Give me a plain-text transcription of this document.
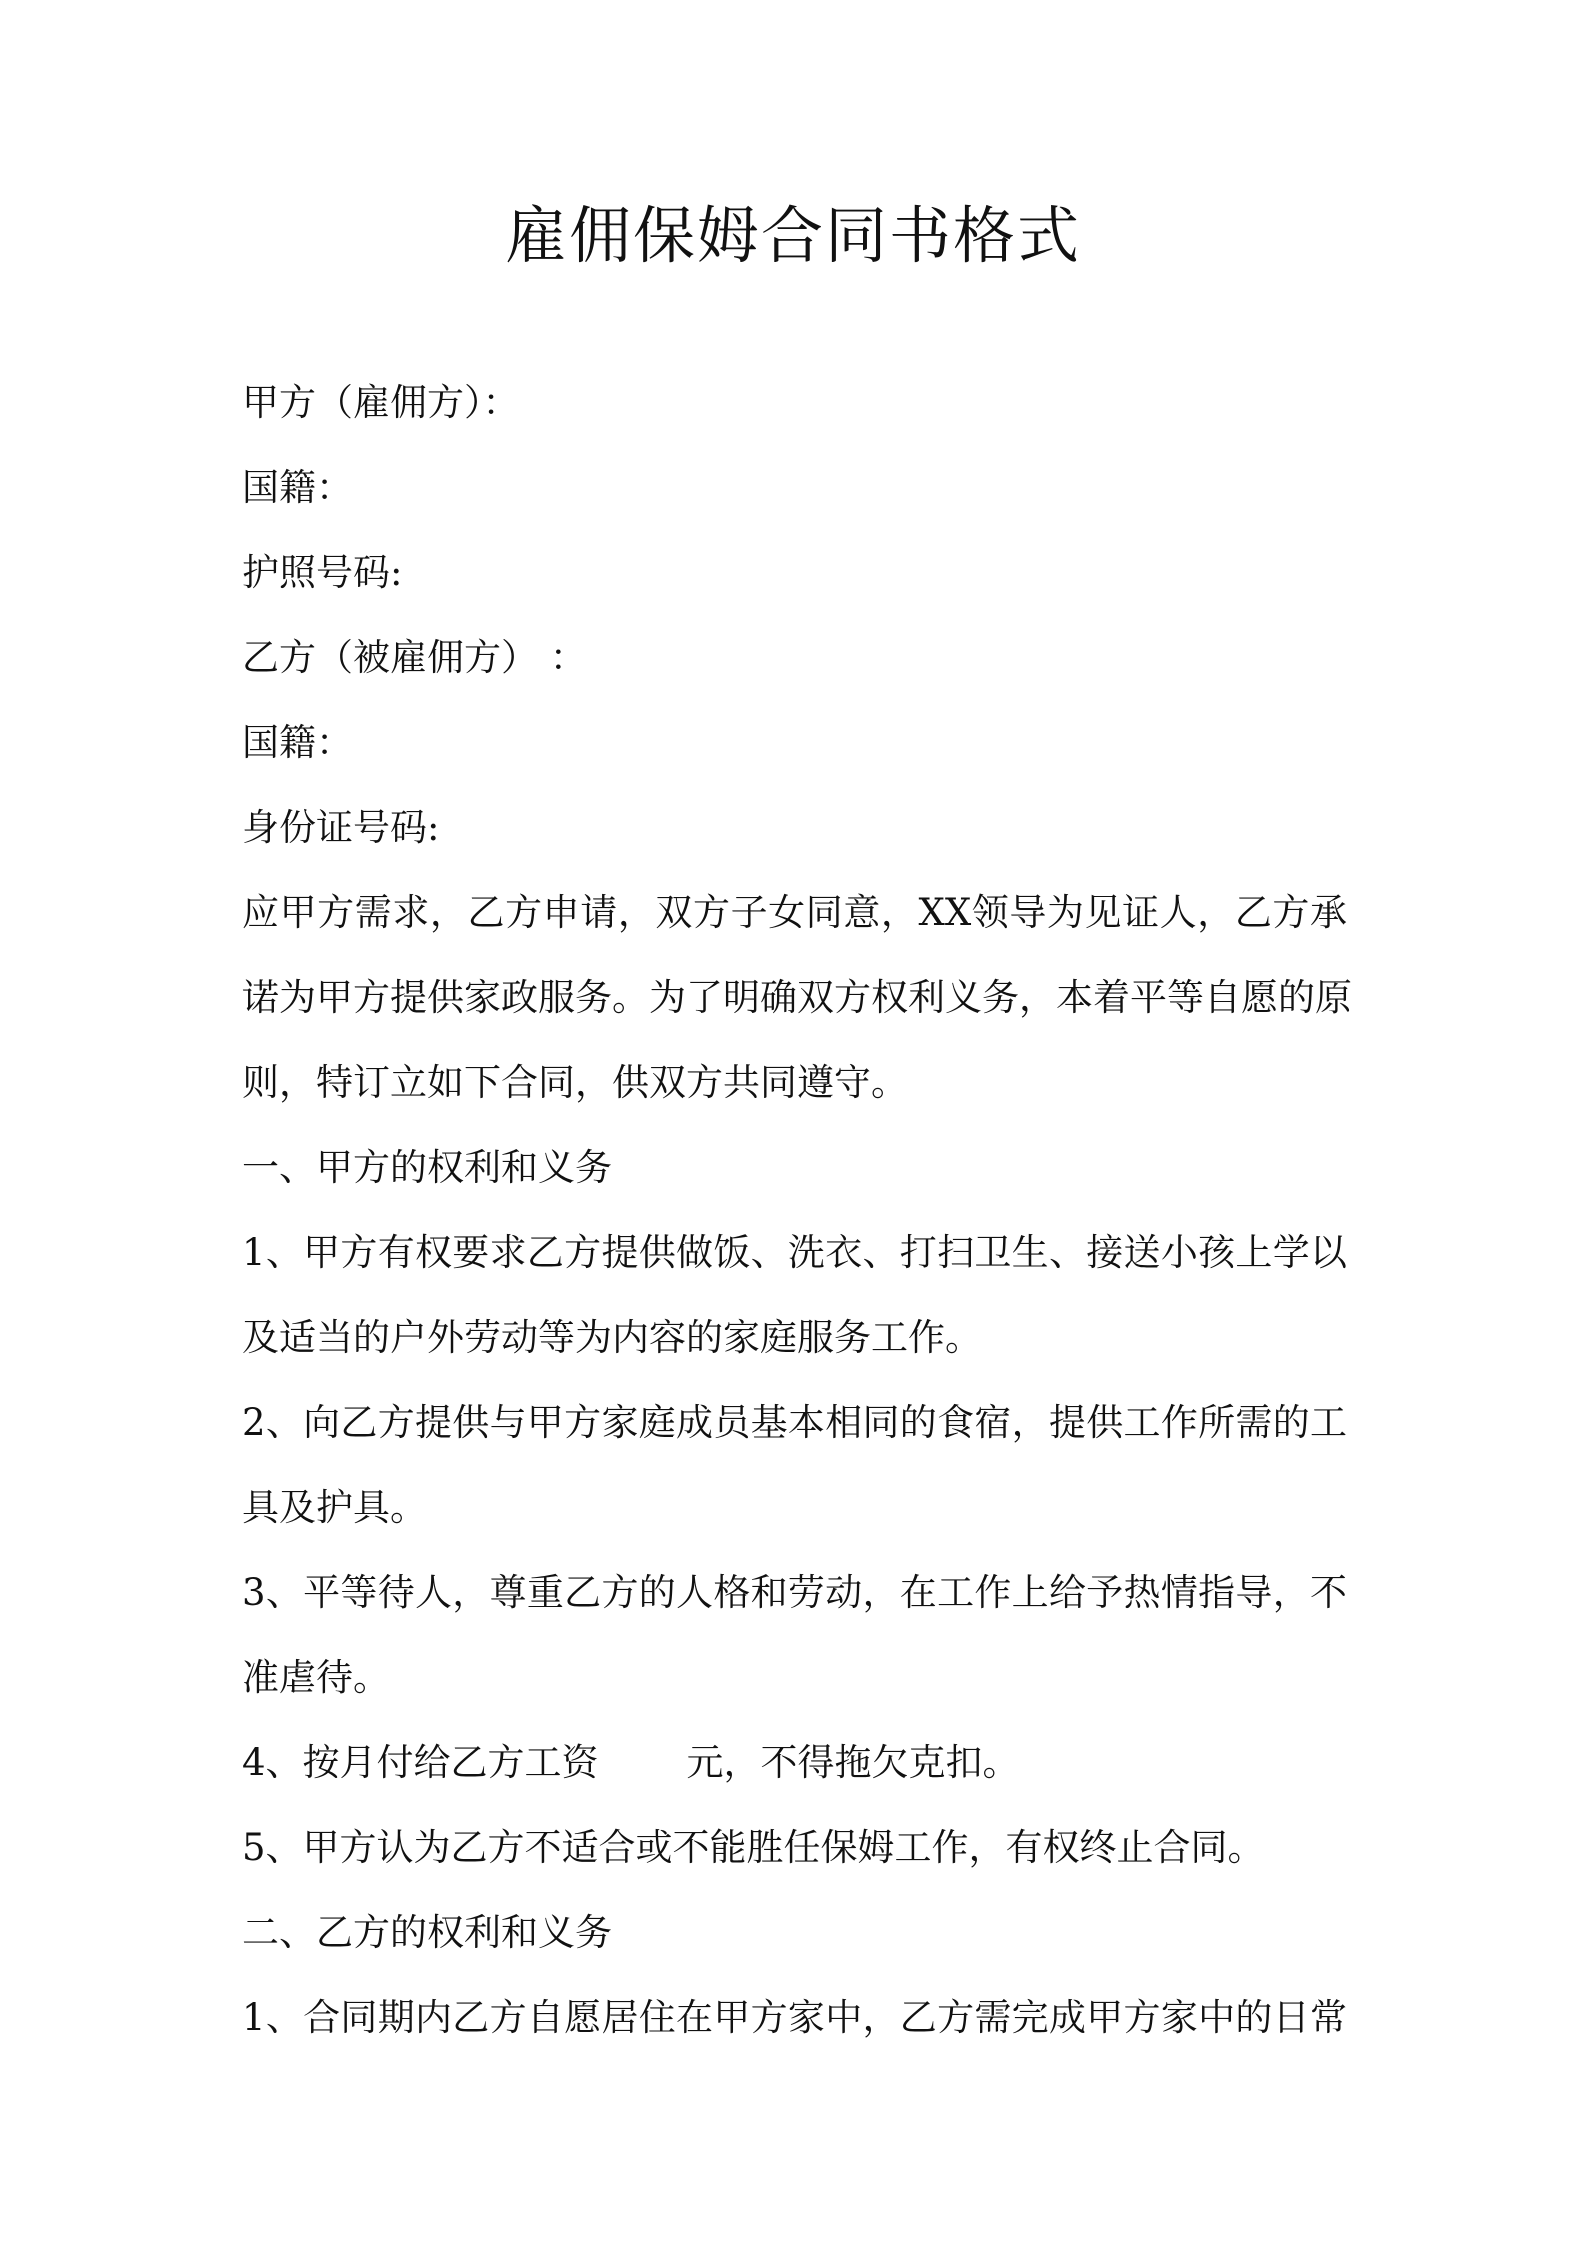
雇佣保姆合同书格式
甲方（雇佣方）：
国籍：
护照号码:
乙方（被雇佣方） ：
国籍：
身份证号码:
应甲方需求，乙方申请，双方子女同意，XX领导为见证人，乙方承
诺为甲方提供家政服务。为了明确双方权利义务，本着平等自愿的原
则，特订立如下合同，供双方共同遵守。
一、甲方的权利和义务
1、甲方有权要求乙方提供做饭、洗衣、打扫卫生、接送小孩上学以
及适当的户外劳动等为内容的家庭服务工作。
2、向乙方提供与甲方家庭成员基本相同的食宿，提供工作所需的工
具及护具。
3、平等待人，尊重乙方的人格和劳动，在工作上给予热情指导，不
准虐待。
4、按月付给乙方工资 元，不得拖欠克扣。
5、甲方认为乙方不适合或不能胜任保姆工作，有权终止合同。
二、乙方的权利和义务
1、合同期内乙方自愿居住在甲方家中，乙方需完成甲方家中的日常
